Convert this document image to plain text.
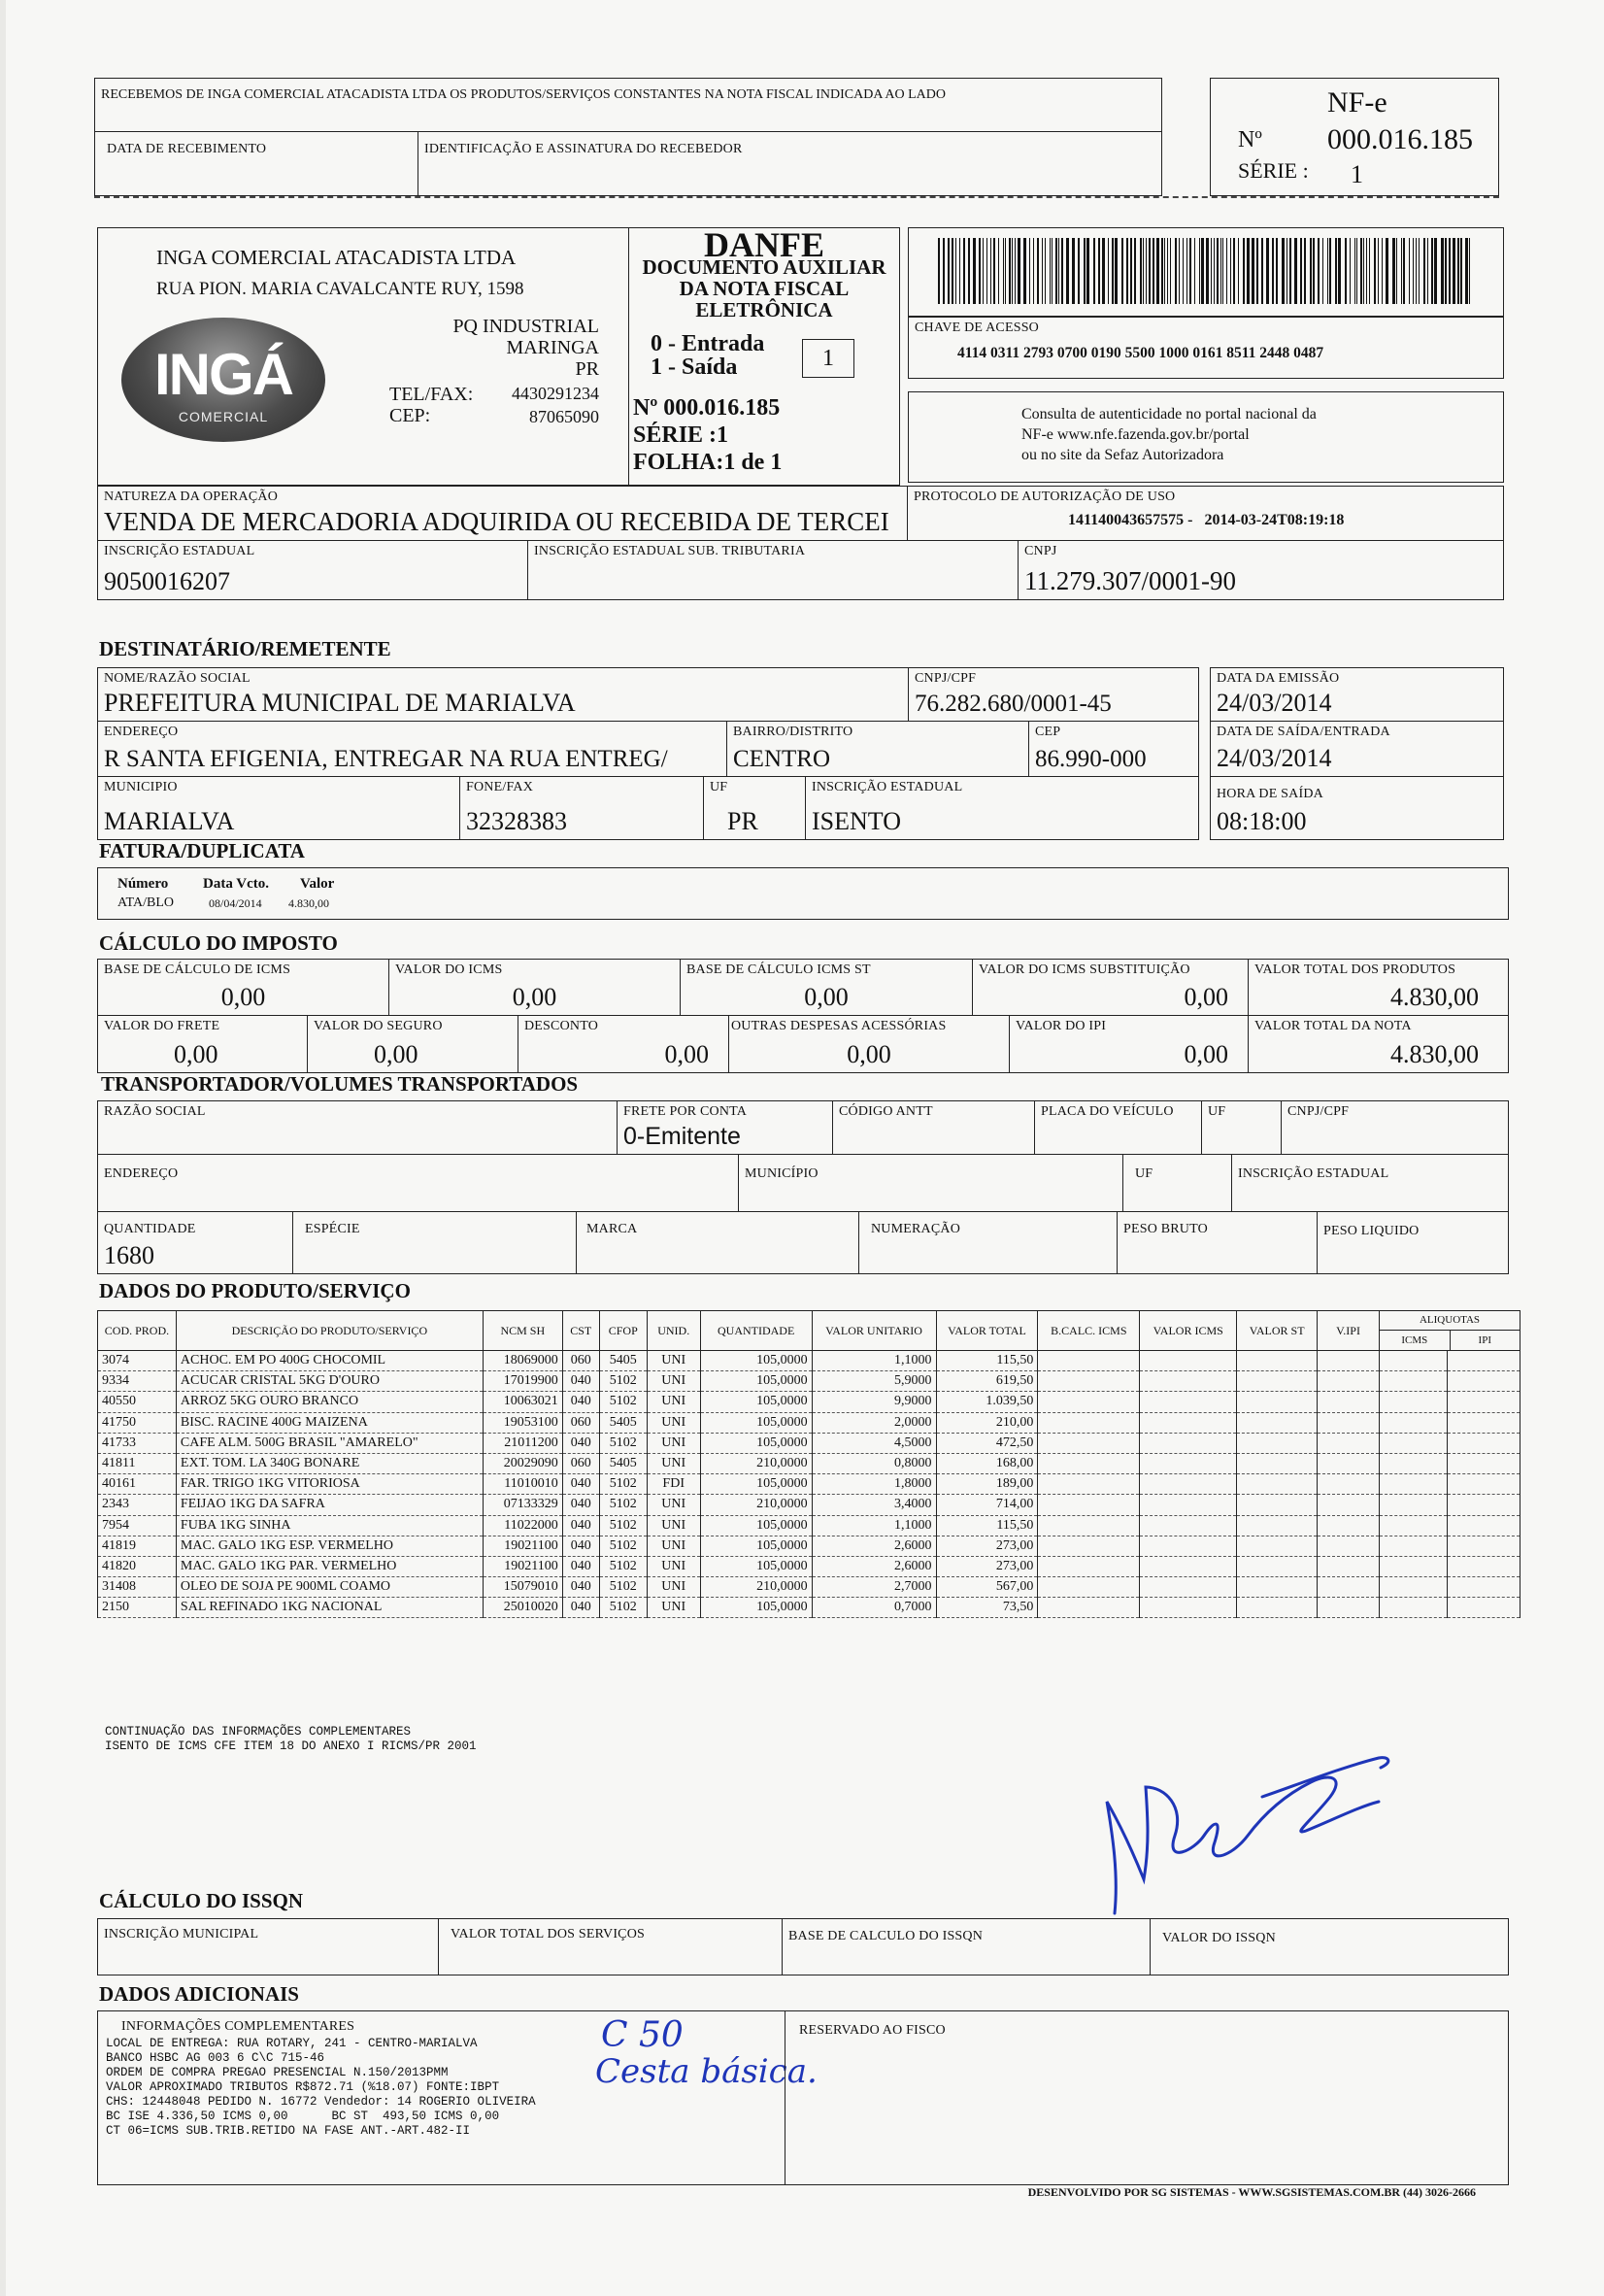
RECEBEMOS DE INGA COMERCIAL ATACADISTA LTDA OS PRODUTOS/SERVIÇOS CONSTANTES NA NOTA FISCAL INDICADA AO LADO
DATA DE RECEBIMENTO	IDENTIFICAÇÃO E ASSINATURA DO RECEBEDOR
NF-e
Nº 000.016.185
SÉRIE : 1
INGA COMERCIAL ATACADISTA LTDA
RUA PION. MARIA CAVALCANTE RUY, 1598
PQ INDUSTRIAL
MARINGA
PR
TEL/FAX: 4430291234
CEP:	87065090
INGÁ
COMERCIAL
DANFE
DOCUMENTO AUXILIAR
DA NOTA FISCAL
ELETRÔNICA
0 - Entrada
1 - Saída	1
Nº 000.016.185
SÉRIE :1
FOLHA:1 de 1
CHAVE DE ACESSO
4114 0311 2793 0700 0190 5500 1000 0161 8511 2448 0487
Consulta de autenticidade no portal nacional da
NF-e www.nfe.fazenda.gov.br/portal
ou no site da Sefaz Autorizadora
NATUREZA DA OPERAÇÃO
VENDA DE MERCADORIA ADQUIRIDA OU RECEBIDA DE TERCEI
PROTOCOLO DE AUTORIZAÇÃO DE USO
141140043657575 -   2014-03-24T08:19:18
INSCRIÇÃO ESTADUAL
9050016207
INSCRIÇÃO ESTADUAL SUB. TRIBUTARIA	CNPJ
11.279.307/0001-90
DESTINATÁRIO/REMETENTE
NOME/RAZÃO SOCIAL
PREFEITURA MUNICIPAL DE MARIALVA
CNPJ/CPF
76.282.680/0001-45
DATA DA EMISSÃO
24/03/2014
ENDEREÇO
R SANTA EFIGENIA, ENTREGAR NA RUA ENTREG/
BAIRRO/DISTRITO
CENTRO
CEP
86.990-000
DATA DE SAÍDA/ENTRADA
24/03/2014
MUNICIPIO
MARIALVA
FONE/FAX
32328383
UF
PR
INSCRIÇÃO ESTADUAL
ISENTO
HORA DE SAÍDA
08:18:00
FATURA/DUPLICATA
Número Data Vcto. Valor
ATA/BLO	08/04/2014 4.830,00
CÁLCULO DO IMPOSTO
BASE DE CÁLCULO DE ICMS
0,00
VALOR DO ICMS
0,00
BASE DE CÁLCULO ICMS ST
0,00
VALOR DO ICMS SUBSTITUIÇÃO
0,00
VALOR TOTAL DOS PRODUTOS
4.830,00
VALOR DO FRETE
0,00
VALOR DO SEGURO
0,00
DESCONTO
0,00
OUTRAS DESPESAS ACESSÓRIAS
0,00
VALOR DO IPI
0,00
VALOR TOTAL DA NOTA
4.830,00
TRANSPORTADOR/VOLUMES TRANSPORTADOS
RAZÃO SOCIAL	FRETE POR CONTA
0-Emitente
CÓDIGO ANTT	PLACA DO VEÍCULO	UF	CNPJ/CPF
ENDEREÇO	MUNICÍPIO	UF	INSCRIÇÃO ESTADUAL
QUANTIDADE
1680
ESPÉCIE	MARCA	NUMERAÇÃO	PESO BRUTO	PESO LIQUIDO
DADOS DO PRODUTO/SERVIÇO
COD. PROD.	DESCRIÇÃO DO PRODUTO/SERVIÇO	NCM SH	CST	CFOP	UNID.	QUANTIDADE	VALOR UNITARIO	VALOR TOTAL	B.CALC. ICMS	VALOR ICMS	VALOR ST	V.IPI	ALIQUOTAS
ICMS IPI	

3074	ACHOC. EM PO 400G CHOCOMIL	18069000	060	5405	UNI	105,0000	1,1000	115,50						
9334	ACUCAR CRISTAL 5KG D'OURO	17019900	040	5102	UNI	105,0000	5,9000	619,50						
40550	ARROZ 5KG OURO BRANCO	10063021	040	5102	UNI	105,0000	9,9000	1.039,50						
41750	BISC. RACINE 400G MAIZENA	19053100	060	5405	UNI	105,0000	2,0000	210,00						
41733	CAFE ALM. 500G BRASIL "AMARELO"	21011200	040	5102	UNI	105,0000	4,5000	472,50						
41811	EXT. TOM. LA 340G BONARE	20029090	060	5405	UNI	210,0000	0,8000	168,00						
40161	FAR. TRIGO 1KG VITORIOSA	11010010	040	5102	FDI	105,0000	1,8000	189,00						
2343	FEIJAO 1KG DA SAFRA	07133329	040	5102	UNI	210,0000	3,4000	714,00						
7954	FUBA 1KG SINHA	11022000	040	5102	UNI	105,0000	1,1000	115,50						
41819	MAC. GALO 1KG ESP. VERMELHO	19021100	040	5102	UNI	105,0000	2,6000	273,00						
41820	MAC. GALO 1KG PAR. VERMELHO	19021100	040	5102	UNI	105,0000	2,6000	273,00						
31408	OLEO DE SOJA PE 900ML COAMO	15079010	040	5102	UNI	210,0000	2,7000	567,00						
2150	SAL REFINADO 1KG NACIONAL	25010020	040	5102	UNI	105,0000	0,7000	73,50						
CONTINUAÇÃO DAS INFORMAÇÕES COMPLEMENTARES
ISENTO DE ICMS CFE ITEM 18 DO ANEXO I RICMS/PR 2001
CÁLCULO DO ISSQN
INSCRIÇÃO MUNICIPAL	VALOR TOTAL DOS SERVIÇOS	BASE DE CALCULO DO ISSQN	VALOR DO ISSQN
DADOS ADICIONAIS
INFORMAÇÕES COMPLEMENTARES
LOCAL DE ENTREGA: RUA ROTARY, 241 - CENTRO-MARIALVA
BANCO HSBC AG 003 6 C\C 715-46
ORDEM DE COMPRA PREGAO PRESENCIAL N.150/2013PMM
VALOR APROXIMADO TRIBUTOS R$872.71 (%18.07) FONTE:IBPT
CHS: 12448048 PEDIDO N. 16772 Vendedor: 14 ROGERIO OLIVEIRA
BC ISE 4.336,50 ICMS 0,00      BC ST  493,50 ICMS 0,00
CT 06=ICMS SUB.TRIB.RETIDO NA FASE ANT.-ART.482-II
C 50
Cesta básica.
RESERVADO AO FISCO
DESENVOLVIDO POR SG SISTEMAS - WWW.SGSISTEMAS.COM.BR (44) 3026-2666
